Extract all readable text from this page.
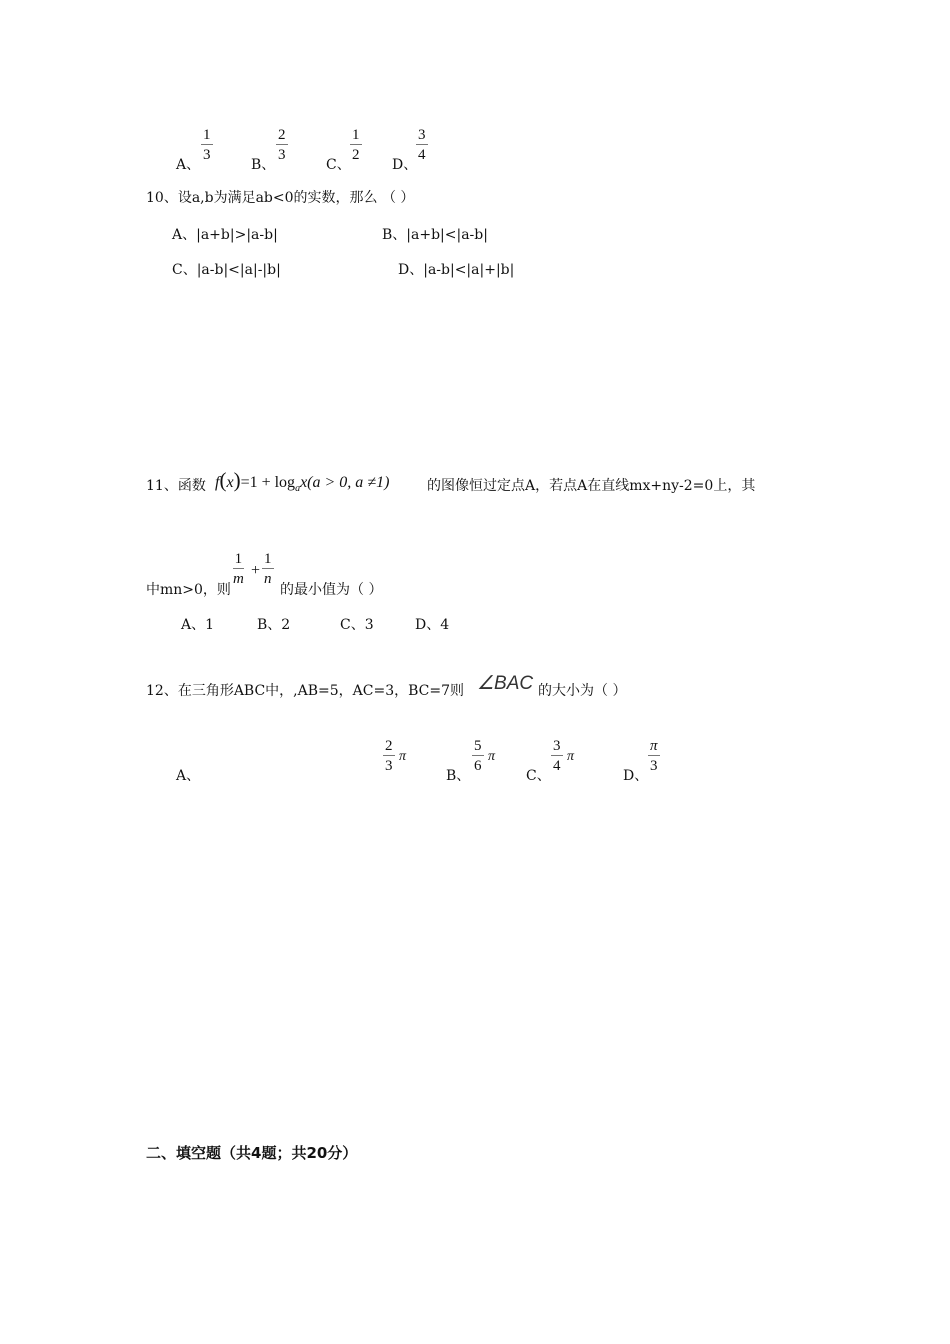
A、
$\frac{1}{3}$
B、
$\frac{2}{3}$
C、
$\frac{1}{2}$
D、
$\frac{3}{4}$
10、设a,b为满足ab<0的实数，那么 （ ）
A、|a+b|>|a-b|	B、|a+b|<|a-b|
C、|a-b|<|a|-|b|	D、|a-b|<|a|+|b|
11、函数 $f(x)=1 + \log_ax(a > 0$, a ≠1)	的图像恒过定点A，若点A在直线mx+ny-2=0上，其
中mn>0，则
$\frac{1}{m} + \frac{1}{n}$
的最小值为（ ）
A、1	B、2	C、3	D、4
12、在三角形ABC中，,AB=5，AC=3，BC=7则 ∠BAC 的大小为（ ）
A、
$\frac{2}{3}$ π
B、
$\frac{5}{6}$ π
C、
$\frac{3}{4}$ π
D、
$\frac{\pi}{3}$
二、填空题（共4题；共20分）
